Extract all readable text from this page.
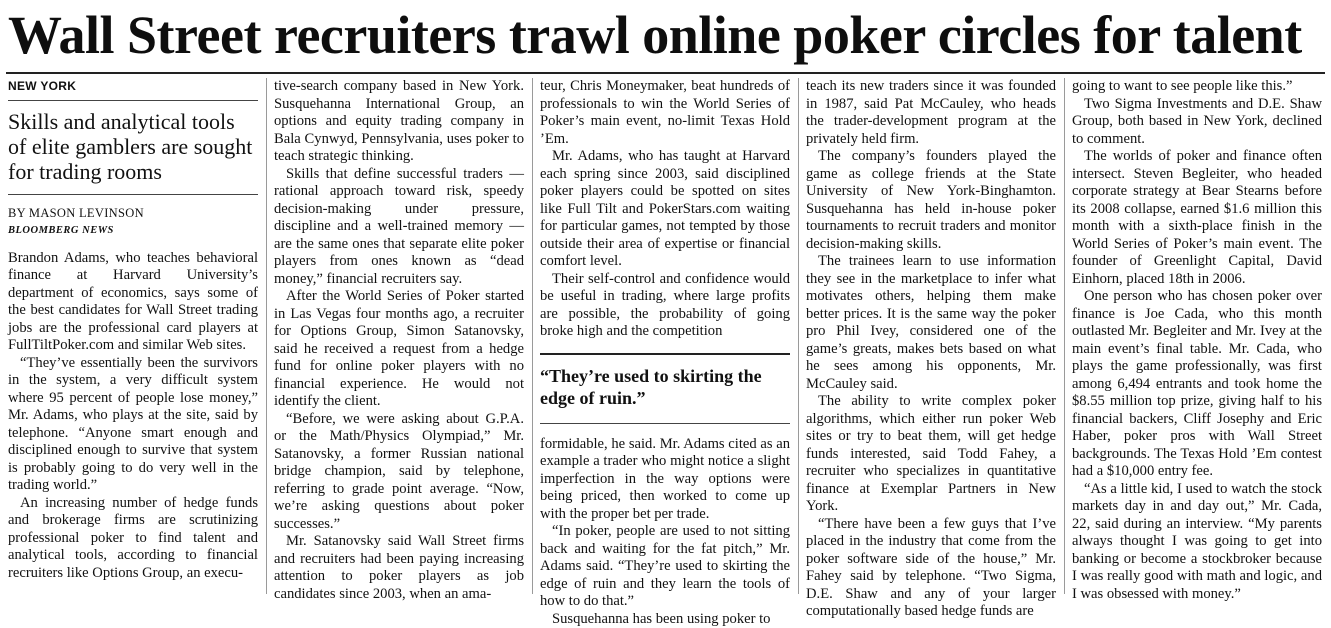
Wall Street recruiters trawl online poker circles for talent
NEW YORK
Skills and analytical tools of elite gamblers are sought for trading rooms
BY MASON LEVINSON
BLOOMBERG NEWS

Brandon Adams, who teaches behavioral finance at Harvard University’s department of economics, says some of the best candidates for Wall Street trading jobs are the professional card players at FullTiltPoker.com and similar Web sites.

“They’ve essentially been the survivors in the system, a very difficult system where 95 percent of people lose money,” Mr. Adams, who plays at the site, said by telephone. “Anyone smart enough and disciplined enough to survive that system is probably going to do very well in the trading world.”

An increasing number of hedge funds and brokerage firms are scrutinizing professional poker to find talent and analytical tools, according to financial recruiters like Options Group, an execu-

tive-search company based in New York. Susquehanna International Group, an options and equity trading company in Bala Cynwyd, Pennsylvania, uses poker to teach strategic thinking.

Skills that define successful traders — rational approach toward risk, speedy decision-making under pressure, discipline and a well-trained memory — are the same ones that separate elite poker players from ones known as “dead money,” financial recruiters say.

After the World Series of Poker started in Las Vegas four months ago, a recruiter for Options Group, Simon Satanovsky, said he received a request from a hedge fund for online poker players with no financial experience. He would not identify the client.

“Before, we were asking about G.P.A. or the Math/Physics Olympiad,” Mr. Satanovsky, a former Russian national bridge champion, said by telephone, referring to grade point average. “Now, we’re asking questions about poker successes.”

Mr. Satanovsky said Wall Street firms and recruiters had been paying increasing attention to poker players as job candidates since 2003, when an ama-

teur, Chris Moneymaker, beat hundreds of professionals to win the World Series of Poker’s main event, no-limit Texas Hold ’Em.

Mr. Adams, who has taught at Harvard each spring since 2003, said disciplined poker players could be spotted on sites like Full Tilt and PokerStars.com waiting for particular games, not tempted by those outside their area of expertise or financial comfort level.

Their self-control and confidence would be useful in trading, where large profits are possible, the probability of going broke high and the competition

“They’re used to skirting the edge of ruin.”

formidable, he said. Mr. Adams cited as an example a trader who might notice a slight imperfection in the way options were being priced, then worked to come up with the proper bet per trade.

“In poker, people are used to not sitting back and waiting for the fat pitch,” Mr. Adams said. “They’re used to skirting the edge of ruin and they learn the tools of how to do that.”

Susquehanna has been using poker to

teach its new traders since it was founded in 1987, said Pat McCauley, who heads the trader-development program at the privately held firm.

The company’s founders played the game as college friends at the State University of New York-Binghamton. Susquehanna has held in-house poker tournaments to recruit traders and monitor decision-making skills.

The trainees learn to use information they see in the marketplace to infer what motivates others, helping them make better prices. It is the same way the poker pro Phil Ivey, considered one of the game’s greats, makes bets based on what he sees among his opponents, Mr. McCauley said.

The ability to write complex poker algorithms, which either run poker Web sites or try to beat them, will get hedge funds interested, said Todd Fahey, a recruiter who specializes in quantitative finance at Exemplar Partners in New York.

“There have been a few guys that I’ve placed in the industry that come from the poker software side of the house,” Mr. Fahey said by telephone. “Two Sigma, D.E. Shaw and any of your larger computationally based hedge funds are

going to want to see people like this.”

Two Sigma Investments and D.E. Shaw Group, both based in New York, declined to comment.

The worlds of poker and finance often intersect. Steven Begleiter, who headed corporate strategy at Bear Stearns before its 2008 collapse, earned $1.6 million this month with a sixth-place finish in the World Series of Poker’s main event. The founder of Greenlight Capital, David Einhorn, placed 18th in 2006.

One person who has chosen poker over finance is Joe Cada, who this month outlasted Mr. Begleiter and Mr. Ivey at the main event’s final table. Mr. Cada, who plays the game professionally, was first among 6,494 entrants and took home the $8.55 million top prize, giving half to his financial backers, Cliff Josephy and Eric Haber, poker pros with Wall Street backgrounds. The Texas Hold ’Em contest had a $10,000 entry fee.

“As a little kid, I used to watch the stock markets day in and day out,” Mr. Cada, 22, said during an interview. “My parents always thought I was going to get into banking or become a stockbroker because I was really good with math and logic, and I was obsessed with money.”
